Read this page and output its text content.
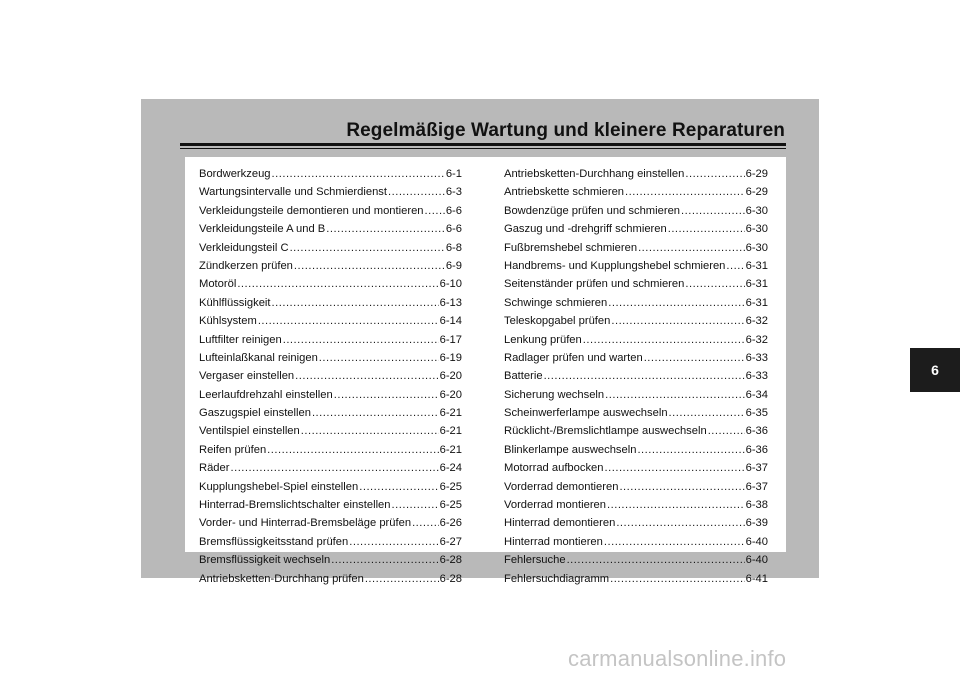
Regelmäßige Wartung und kleinere Reparaturen
Bordwerkzeug .....	6-1
Wartungsintervalle und Schmierdienst .....	6-3
Verkleidungsteile demontieren und montieren ..... 6-6
Verkleidungsteile A und B .....	6-6
Verkleidungsteil C .....	6-8
Zündkerzen prüfen .....	6-9
Motoröl .....	6-10
Kühlflüssigkeit .....	6-13
Kühlsystem .....	6-14
Luftfilter reinigen .....	6-17
Lufteinlaßkanal reinigen .....	6-19
Vergaser einstellen .....	6-20
Leerlaufdrehzahl einstellen .....	6-20
Gaszugspiel einstellen .....	6-21
Ventilspiel einstellen .....	6-21
Reifen prüfen .....	6-21
Räder .....	6-24
Kupplungshebel-Spiel einstellen .....	6-25
Hinterrad-Bremslichtschalter einstellen .....	6-25
Vorder- und Hinterrad-Bremsbeläge prüfen .....	6-26
Bremsflüssigkeitsstand prüfen .....	6-27
Bremsflüssigkeit wechseln .....	6-28
Antriebsketten-Durchhang prüfen .....	6-28
Antriebsketten-Durchhang einstellen .....	6-29
Antriebskette schmieren .....	6-29
Bowdenzüge prüfen und schmieren .....	6-30
Gaszug und -drehgriff schmieren .....	6-30
Fußbremshebel schmieren .....	6-30
Handbrems- und Kupplungshebel schmieren ..... 6-31
Seitenständer prüfen und schmieren .....	6-31
Schwinge schmieren .....	6-31
Teleskopgabel prüfen .....	6-32
Lenkung prüfen .....	6-32
Radlager prüfen und warten .....	6-33
Batterie .....	6-33
Sicherung wechseln .....	6-34
Scheinwerferlampe auswechseln .....	6-35
Rücklicht-/Bremslichtlampe auswechseln .....	6-36
Blinkerlampe auswechseln .....	6-36
Motorrad aufbocken .....	6-37
Vorderrad demontieren .....	6-37
Vorderrad montieren .....	6-38
Hinterrad demontieren .....	6-39
Hinterrad montieren .....	6-40
Fehlersuche .....	6-40
Fehlersuchdiagramm .....	6-41
6
carmanualsonline.info
